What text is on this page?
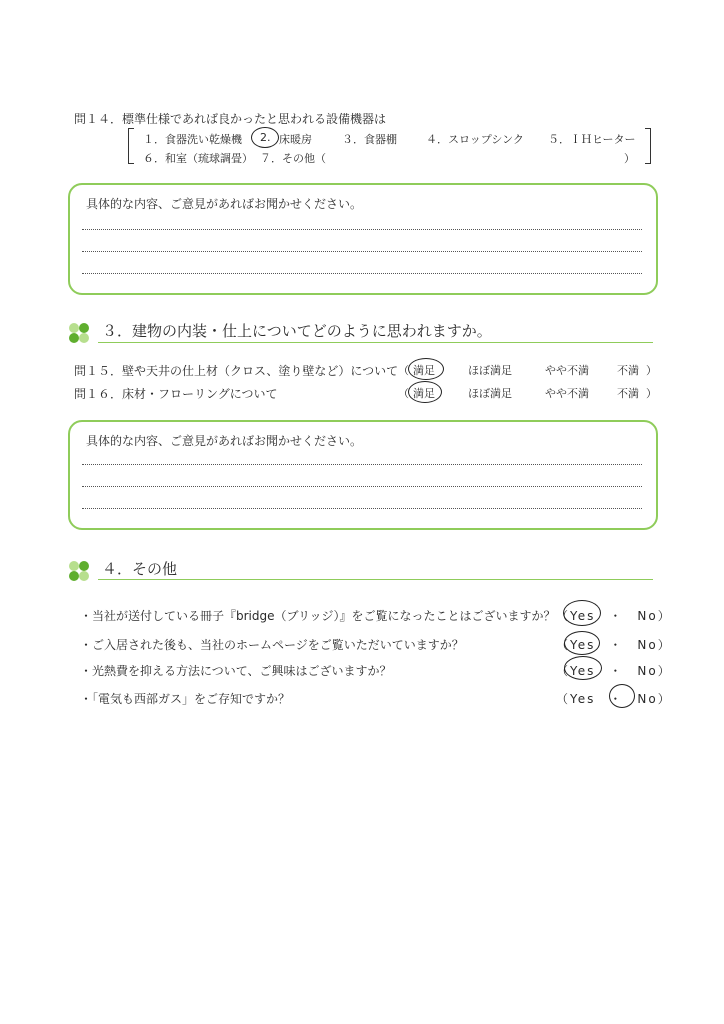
問１４．標準仕様であれば良かったと思われる設備機器は
１．食器洗い乾燥機 2. 床暖房	３．食器棚	４．スロップシンク ５．ＩＨヒーター
６．和室（琉球調畳） ７．その他（	）
具体的な内容、ご意見があればお聞かせください。
３．建物の内装・仕上についてどのように思われますか。
問１５．壁や天井の仕上材（クロス、塗り壁など）について （ 満足	ほぼ満足	やや不満	不満 ）
問１６．床材・フローリングについて	（ 満足	ほぼ満足	やや不満	不満 ）
具体的な内容、ご意見があればお聞かせください。
４．その他
・当社が送付している冊子『bridge（ブリッジ）』をご覧になったことはございますか？ （Yes　・　No）
・ご入居された後も、当社のホームページをご覧いただいていますか？	（Yes　・　No）
・光熱費を抑える方法について、ご興味はございますか？	（Yes　・　No）
・「電気も西部ガス」をご存知ですか？	（Yes　・　No）
